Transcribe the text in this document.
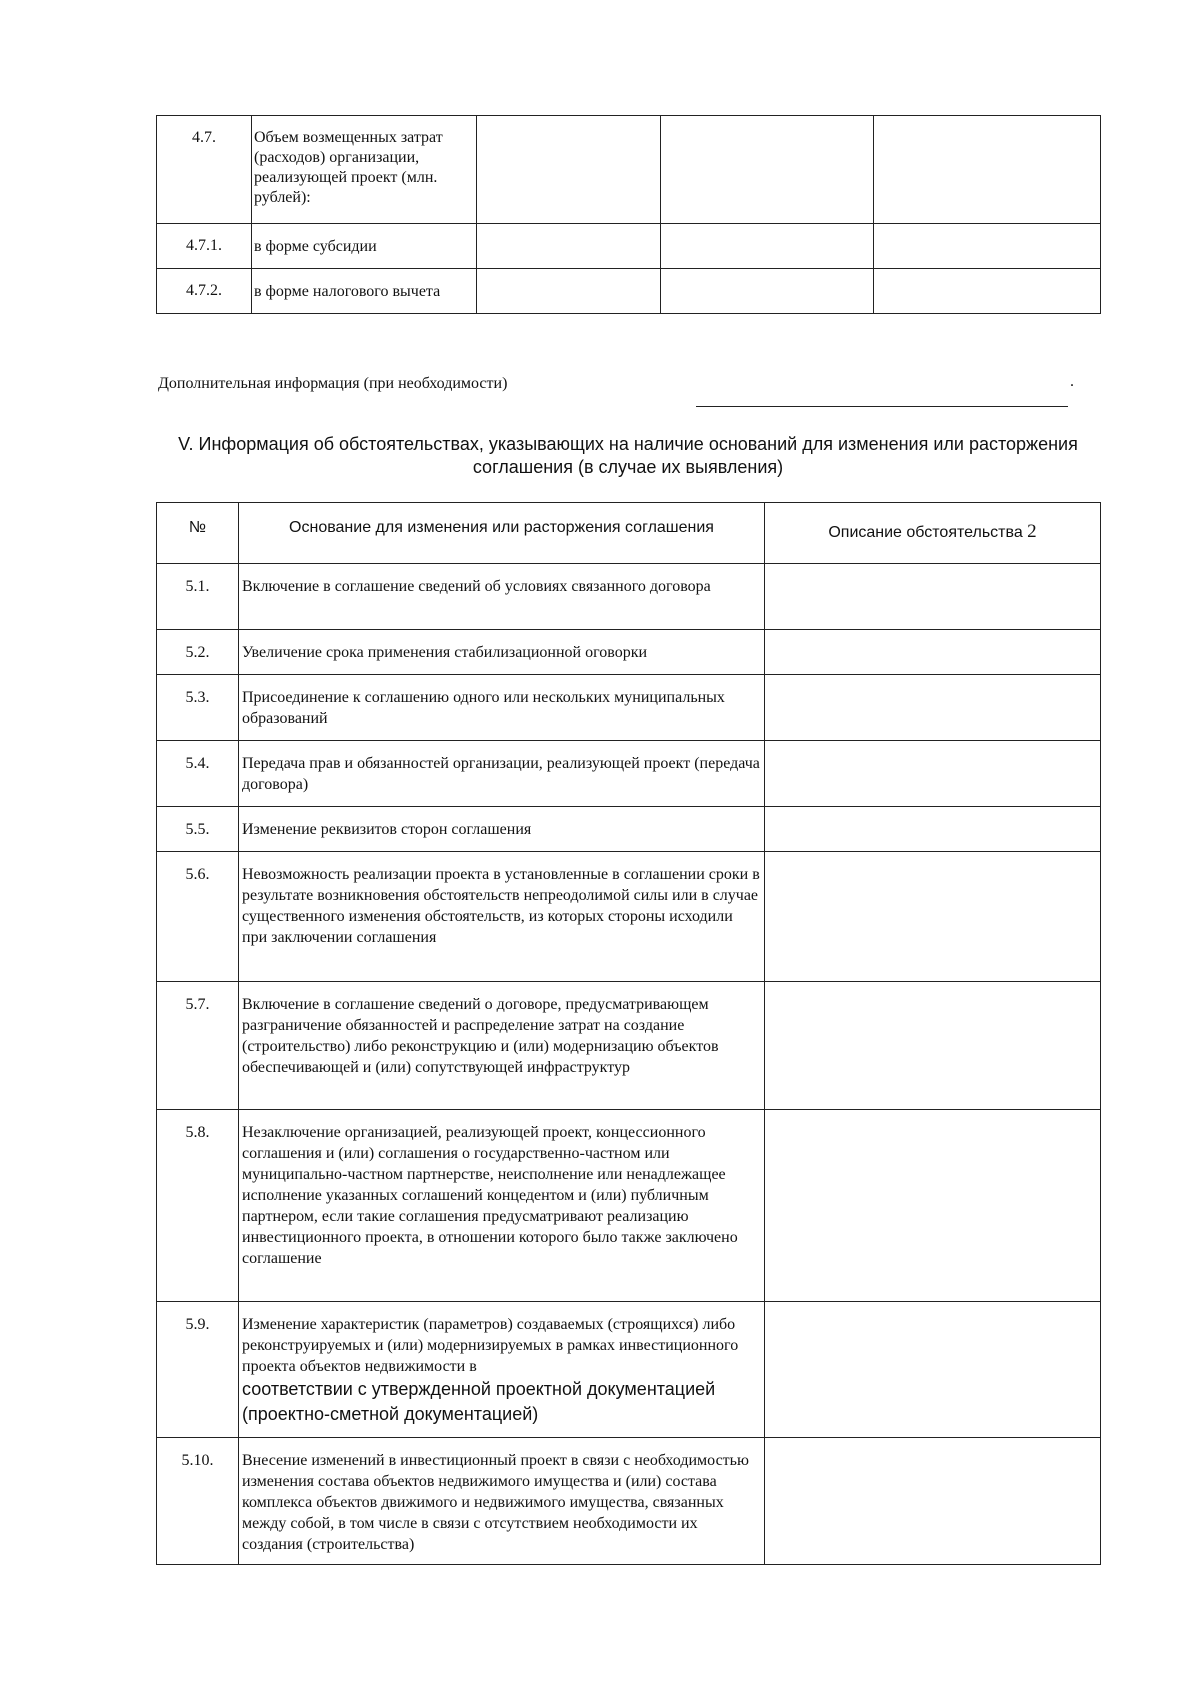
4.7.	Объем возмещенных затрат (расходов) организации, реализующей проект (млн. рублей):			
4.7.1.	в форме субсидии			
4.7.2.	в форме налогового вычета			
Дополнительная информация (при необходимости)	.
V. Информация об обстоятельствах, указывающих на наличие оснований для изменения или расторжения соглашения (в случае их выявления)
№	Основание для изменения или расторжения соглашения	Описание обстоятельства 2
5.1.	Включение в соглашение сведений об условиях связанного договора	
5.2.	Увеличение срока применения стабилизационной оговорки	
5.3.	Присоединение к соглашению одного или нескольких муниципальных образований	
5.4.	Передача прав и обязанностей организации, реализующей проект (передача договора)	
5.5.	Изменение реквизитов сторон соглашения	
5.6.	Невозможность реализации проекта в установленные в соглашении сроки в результате возникновения обстоятельств непреодолимой силы или в случае существенного изменения обстоятельств, из которых стороны исходили при заключении соглашения	
5.7.	Включение в соглашение сведений о договоре, предусматривающем разграничение обязанностей и распределение затрат на создание (строительство) либо реконструкцию и (или) модернизацию объектов обеспечивающей и (или) сопутствующей инфраструктур	
5.8.	Незаключение организацией, реализующей проект, концессионного соглашения и (или) соглашения о государственно-частном или муниципально-частном партнерстве, неисполнение или ненадлежащее исполнение указанных соглашений концедентом и (или) публичным партнером, если такие соглашения предусматривают реализацию инвестиционного проекта, в отношении которого было также заключено соглашение	
5.9.	Изменение характеристик (параметров) создаваемых (строящихся) либо реконструируемых и (или) модернизируемых в рамках инвестиционного проекта объектов недвижимости в
соответствии с утвержденной проектной документацией (проектно-сметной документацией)	

5.10.	Внесение изменений в инвестиционный проект в связи с необходимостью изменения состава объектов недвижимого имущества и (или) состава комплекса объектов движимого и недвижимого имущества, связанных между собой, в том числе в связи с отсутствием необходимости их создания (строительства)	
